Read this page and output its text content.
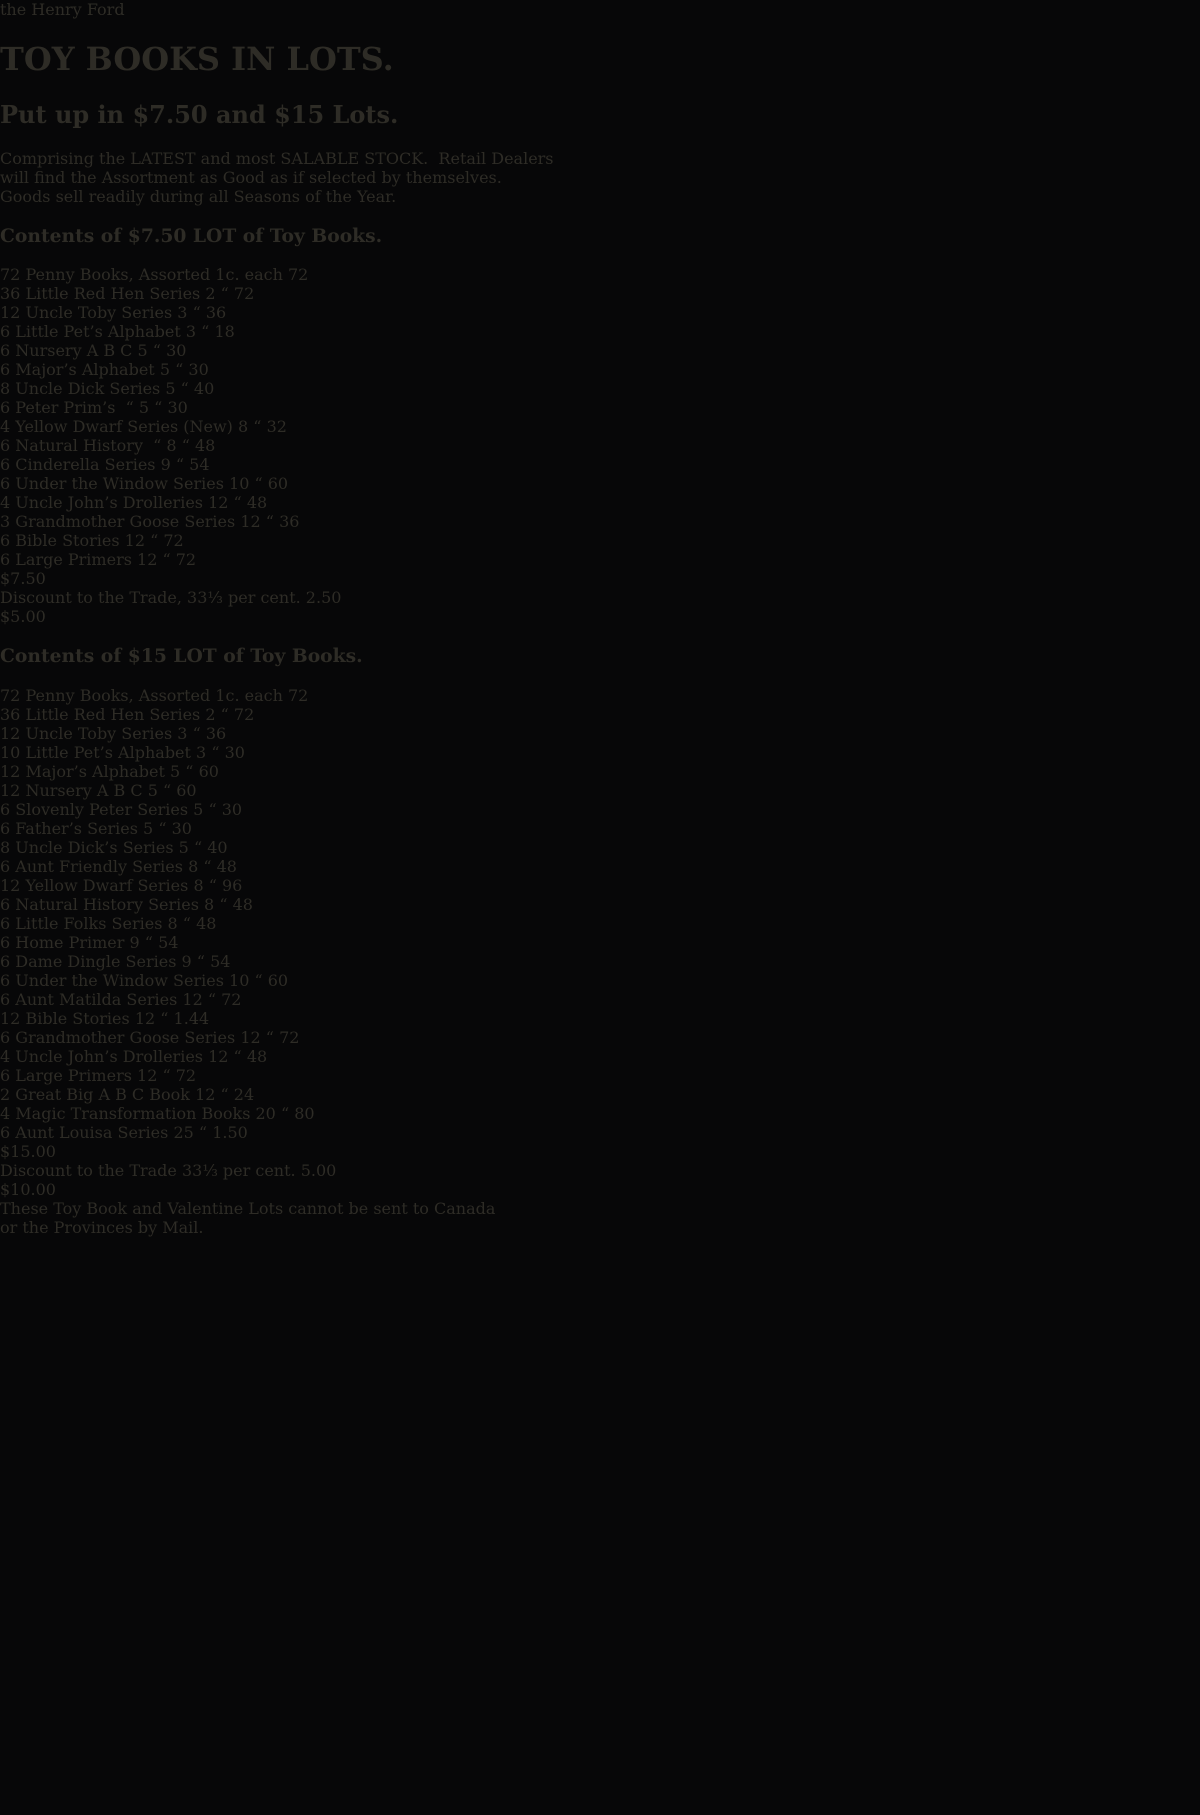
the Henry Ford
TOY BOOKS IN LOTS.
Put up in $7.50 and $15 Lots.
Comprising the LATEST and most SALABLE STOCK.  Retail Dealers
will find the Assortment as Good as if selected by themselves.
Goods sell readily during all Seasons of the Year.
Contents of $7.50 LOT of Toy Books.
72 Penny Books, Assorted 1c. each 72
36 Little Red Hen Series 2 “ 72
12 Uncle Toby Series 3 “ 36
6 Little Pet’s Alphabet 3 “ 18
6 Nursery A B C 5 “ 30
6 Major’s Alphabet 5 “ 30
8 Uncle Dick Series 5 “ 40
6 Peter Prim’s  “ 5 “ 30
4 Yellow Dwarf Series (New) 8 “ 32
6 Natural History  “ 8 “ 48
6 Cinderella Series 9 “ 54
6 Under the Window Series 10 “ 60
4 Uncle John’s Drolleries 12 “ 48
3 Grandmother Goose Series 12 “ 36
6 Bible Stories 12 “ 72
6 Large Primers 12 “ 72
$7.50
Discount to the Trade, 33⅓ per cent. 2.50
$5.00
Contents of $15 LOT of Toy Books.
72 Penny Books, Assorted 1c. each 72
36 Little Red Hen Series 2 “ 72
12 Uncle Toby Series 3 “ 36
10 Little Pet’s Alphabet 3 “ 30
12 Major’s Alphabet 5 “ 60
12 Nursery A B C 5 “ 60
6 Slovenly Peter Series 5 “ 30
6 Father’s Series 5 “ 30
8 Uncle Dick’s Series 5 “ 40
6 Aunt Friendly Series 8 “ 48
12 Yellow Dwarf Series 8 “ 96
6 Natural History Series 8 “ 48
6 Little Folks Series 8 “ 48
6 Home Primer 9 “ 54
6 Dame Dingle Series 9 “ 54
6 Under the Window Series 10 “ 60
6 Aunt Matilda Series 12 “ 72
12 Bible Stories 12 “ 1.44
6 Grandmother Goose Series 12 “ 72
4 Uncle John’s Drolleries 12 “ 48
6 Large Primers 12 “ 72
2 Great Big A B C Book 12 “ 24
4 Magic Transformation Books 20 “ 80
6 Aunt Louisa Series 25 “ 1.50
$15.00
Discount to the Trade 33⅓ per cent. 5.00
$10.00
These Toy Book and Valentine Lots cannot be sent to Canada
or the Provinces by Mail.
